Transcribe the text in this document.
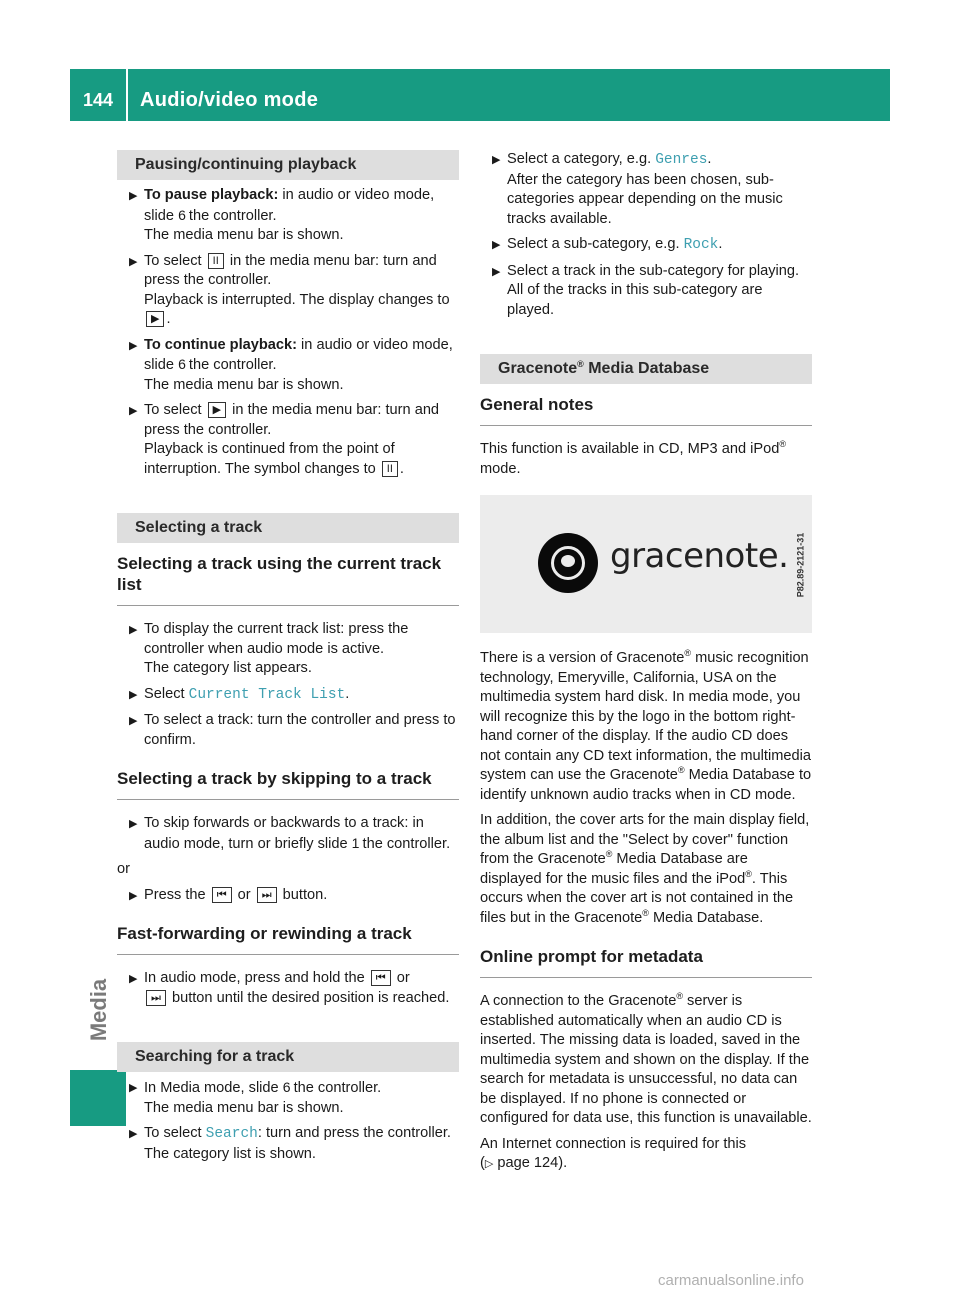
144	Audio/video mode
Media
Pausing/continuing playback
▶ To pause playback: in audio or video mode, slide 6 the controller.
The media menu bar is shown.
▶ To select II in the media menu bar: turn and press the controller.
Playback is interrupted. The display changes to ▶ .
▶ To continue playback: in audio or video mode, slide 6 the controller.
The media menu bar is shown.
▶ To select ▶ in the media menu bar: turn and press the controller.
Playback is continued from the point of interruption. The symbol changes to II .
Selecting a track
Selecting a track using the current track list
▶ To display the current track list: press the controller when audio mode is active.
The category list appears.
▶ Select Current Track List.
▶ To select a track: turn the controller and press to confirm.
Selecting a track by skipping to a track
▶ To skip forwards or backwards to a track: in audio mode, turn or briefly slide 1 the controller.
or
▶ Press the ⏮ or ⏭ button.
Fast-forwarding or rewinding a track
▶ In audio mode, press and hold the ⏮ or
⏭ button until the desired position is reached.
Searching for a track
▶ In Media mode, slide 6 the controller.
The media menu bar is shown.
▶ To select Search: turn and press the controller.
The category list is shown.
▶ Select a category, e.g. Genres.
After the category has been chosen, sub-categories appear depending on the music tracks available.
▶ Select a sub-category, e.g. Rock.
▶ Select a track in the sub-category for playing.
All of the tracks in this sub-category are played.
Gracenote® Media Database
General notes
This function is available in CD, MP3 and iPod® mode.
gracenote. P82.89-2121-31
There is a version of Gracenote® music recognition technology, Emeryville, California, USA on the multimedia system hard disk. In media mode, you will recognize this by the logo in the bottom right-hand corner of the display. If the audio CD does not contain any CD text information, the multimedia system can use the Gracenote® Media Database to identify unknown audio tracks when in CD mode.
In addition, the cover arts for the main display field, the album list and the "Select by cover" function from the Gracenote® Media Database are displayed for the music files and the iPod®. This occurs when the cover art is not contained in the files but in the Gracenote® Media Database.
Online prompt for metadata
A connection to the Gracenote® server is established automatically when an audio CD is inserted. The missing data is loaded, saved in the multimedia system and shown on the display. If the search for metadata is unsuccessful, no data can be displayed. If no phone is connected or configured for data use, this function is unavailable.
An Internet connection is required for this
(▷ page 124).
carmanualsonline.info
